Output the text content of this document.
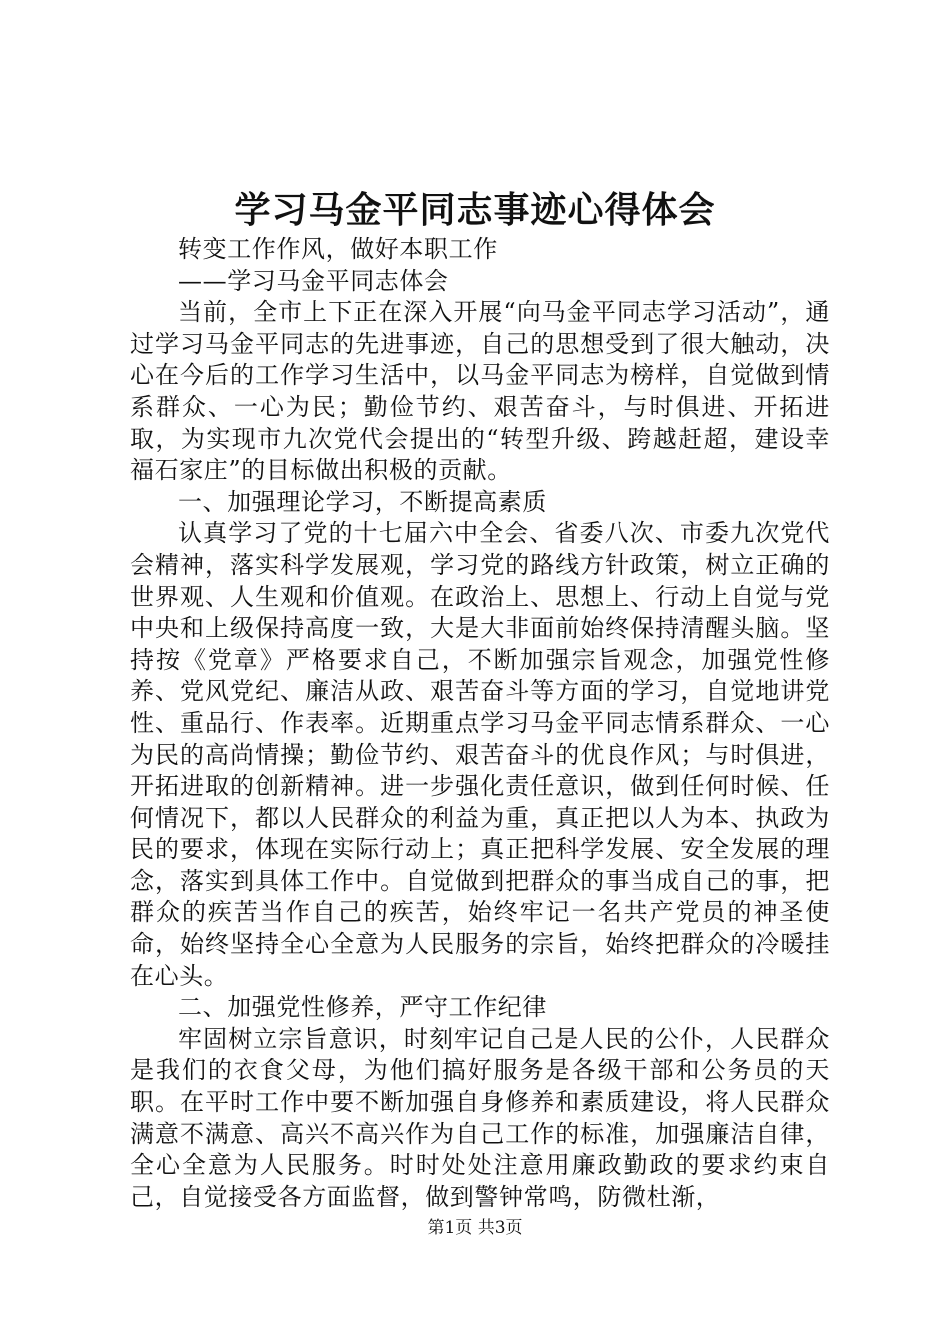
学习马金平同志事迹心得体会

转变工作作风，做好本职工作

——学习马金平同志体会

当前，全市上下正在深入开展“向马金平同志学习活动”，通过学习马金平同志的先进事迹，自己的思想受到了很大触动，决心在今后的工作学习生活中，以马金平同志为榜样，自觉做到情系群众、一心为民；勤俭节约、艰苦奋斗，与时俱进、开拓进取，为实现市九次党代会提出的“转型升级、跨越赶超，建设幸福石家庄”的目标做出积极的贡献。

一、加强理论学习，不断提高素质

认真学习了党的十七届六中全会、省委八次、市委九次党代会精神，落实科学发展观，学习党的路线方针政策，树立正确的世界观、人生观和价值观。在政治上、思想上、行动上自觉与党中央和上级保持高度一致，大是大非面前始终保持清醒头脑。坚持按《党章》严格要求自己，不断加强宗旨观念，加强党性修养、党风党纪、廉洁从政、艰苦奋斗等方面的学习，自觉地讲党性、重品行、作表率。近期重点学习马金平同志情系群众、一心为民的高尚情操；勤俭节约、艰苦奋斗的优良作风；与时俱进，开拓进取的创新精神。进一步强化责任意识，做到任何时候、任何情况下，都以人民群众的利益为重，真正把以人为本、执政为民的要求，体现在实际行动上；真正把科学发展、安全发展的理念，落实到具体工作中。自觉做到把群众的事当成自己的事，把群众的疾苦当作自己的疾苦，始终牢记一名共产党员的神圣使命，始终坚持全心全意为人民服务的宗旨，始终把群众的冷暖挂在心头。

二、加强党性修养，严守工作纪律

牢固树立宗旨意识，时刻牢记自己是人民的公仆，人民群众是我们的衣食父母，为他们搞好服务是各级干部和公务员的天职。在平时工作中要不断加强自身修养和素质建设，将人民群众满意不满意、高兴不高兴作为自己工作的标准，加强廉洁自律，全心全意为人民服务。时时处处注意用廉政勤政的要求约束自己，自觉接受各方面监督，做到警钟常鸣，防微杜渐，

第1页 共3页
